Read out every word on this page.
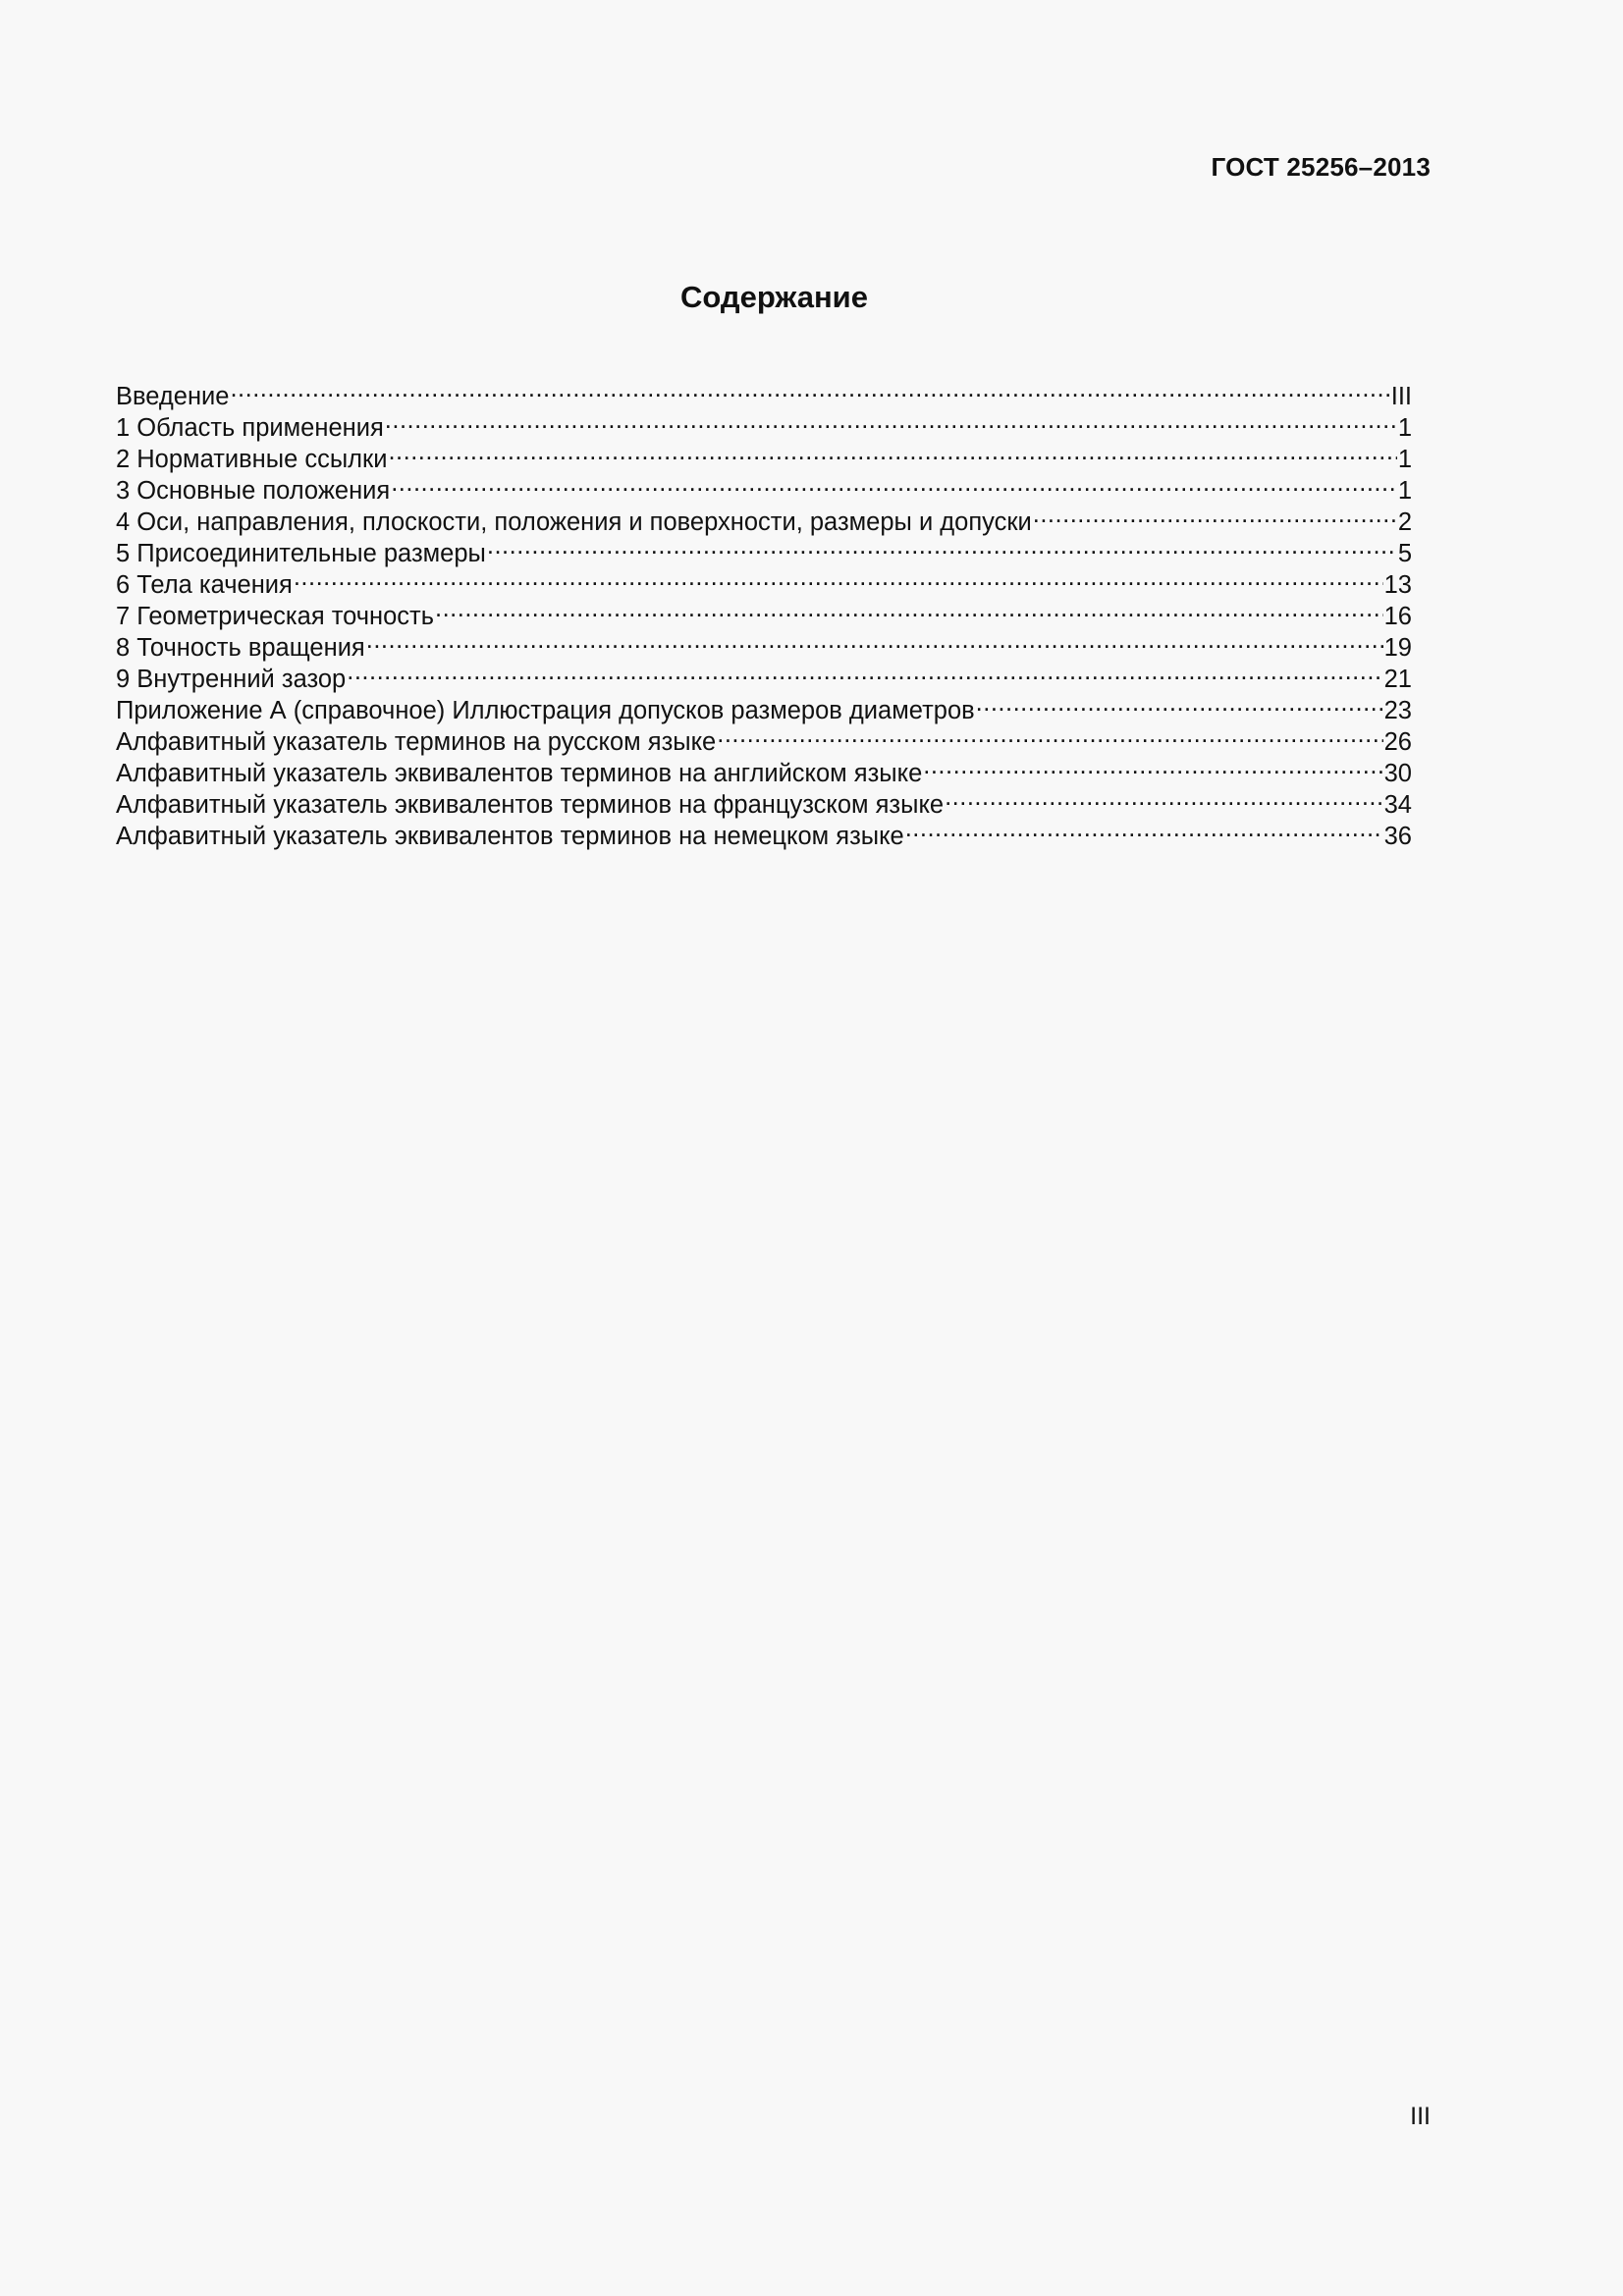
ГОСТ 25256–2013
Содержание
Введение .....	III
1 Область применения .....	1
2 Нормативные ссылки .....	1
3 Основные положения .....	1
4 Оси, направления, плоскости, положения и поверхности, размеры и допуски .....	2
5 Присоединительные размеры .....	5
6 Тела качения .....	13
7 Геометрическая точность .....	16
8 Точность вращения .....	19
9 Внутренний зазор .....	21
Приложение А (справочное) Иллюстрация допусков размеров диаметров .....	23
Алфавитный указатель терминов на русском языке .....	26
Алфавитный указатель эквивалентов терминов на английском языке .....	30
Алфавитный указатель эквивалентов терминов на французском языке .....	34
Алфавитный указатель эквивалентов терминов на немецком языке .....	36
III
